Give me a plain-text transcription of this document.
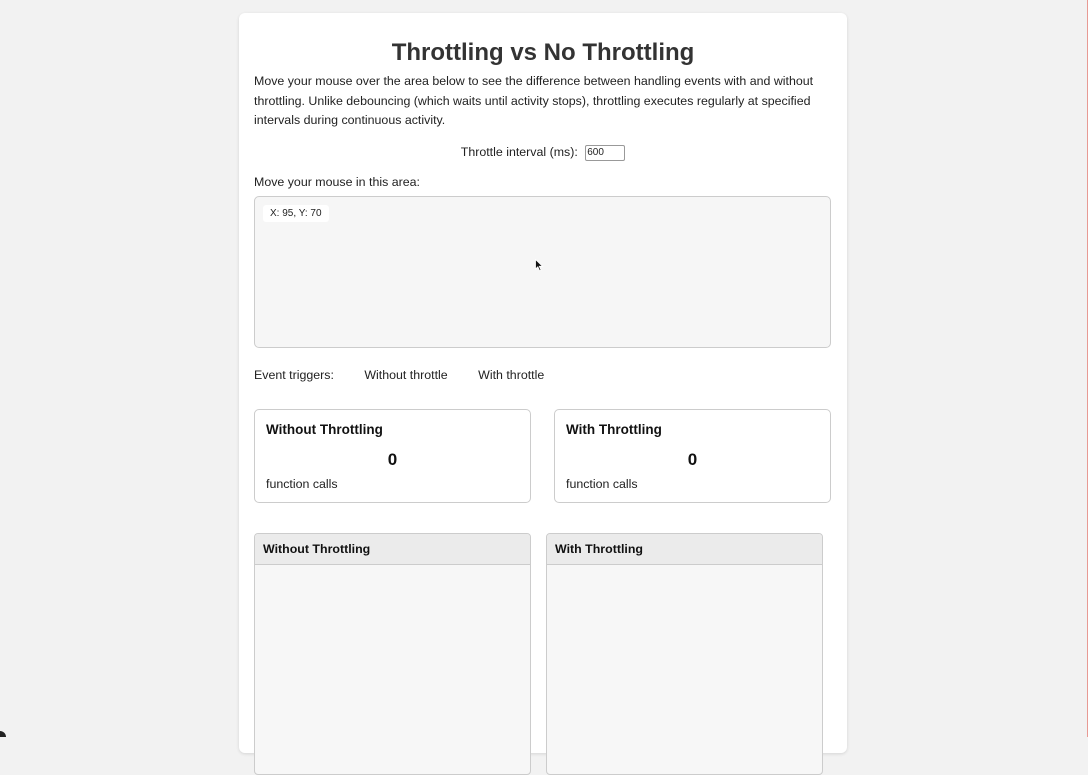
Throttling vs No Throttling
Move your mouse over the area below to see the difference between handling events with and without throttling. Unlike debouncing (which waits until activity stops), throttling executes regularly at specified intervals during continuous activity.
Throttle interval (ms): 600
Move your mouse in this area:
X: 95, Y: 70
Event triggers: Without throttle With throttle
Without Throttling
0
function calls
With Throttling
0
function calls
Without Throttling	With Throttling
